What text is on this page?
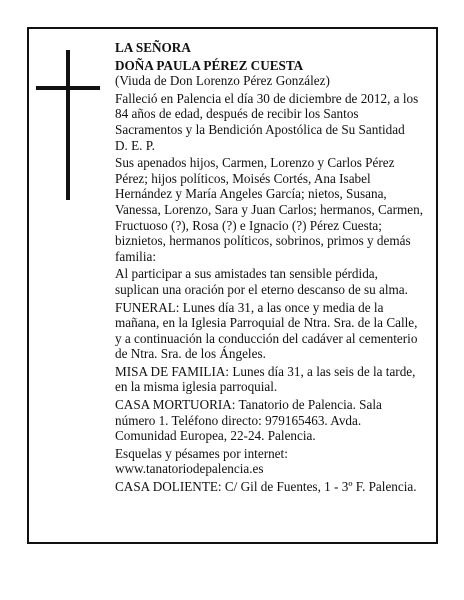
LA SEÑORA

DOÑA PAULA PÉREZ CUESTA

(Viuda de Don Lorenzo Pérez González)

Falleció en Palencia el día 30 de diciembre de 2012, a los 84 años de edad, después de recibir los Santos Sacramentos y la Bendición Apostólica de Su Santidad

D. E. P.

Sus apenados hijos, Carmen, Lorenzo y Carlos Pérez Pérez; hijos políticos, Moisés Cortés, Ana Isabel Hernández y María Angeles García; nietos, Susana, Vanessa, Lorenzo, Sara y Juan Carlos; hermanos, Carmen, Fructuoso (?), Rosa (?) e Ignacio (?) Pérez Cuesta; biznietos, hermanos políticos, sobrinos, primos y demás familia:

Al participar a sus amistades tan sensible pérdida, suplican una oración por el eterno descanso de su alma.

FUNERAL: Lunes día 31, a las once y media de la mañana, en la Iglesia Parroquial de Ntra. Sra. de la Calle, y a continuación la conducción del cadáver al cementerio de Ntra. Sra. de los Ángeles.

MISA DE FAMILIA: Lunes día 31, a las seis de la tarde, en la misma iglesia parroquial.

CASA MORTUORIA: Tanatorio de Palencia. Sala número 1. Teléfono directo: 979165463. Avda. Comunidad Europea, 22-24. Palencia.

Esquelas y pésames por internet: www.tanatoriodepalencia.es

CASA DOLIENTE: C/ Gil de Fuentes, 1 - 3º F. Palencia.
